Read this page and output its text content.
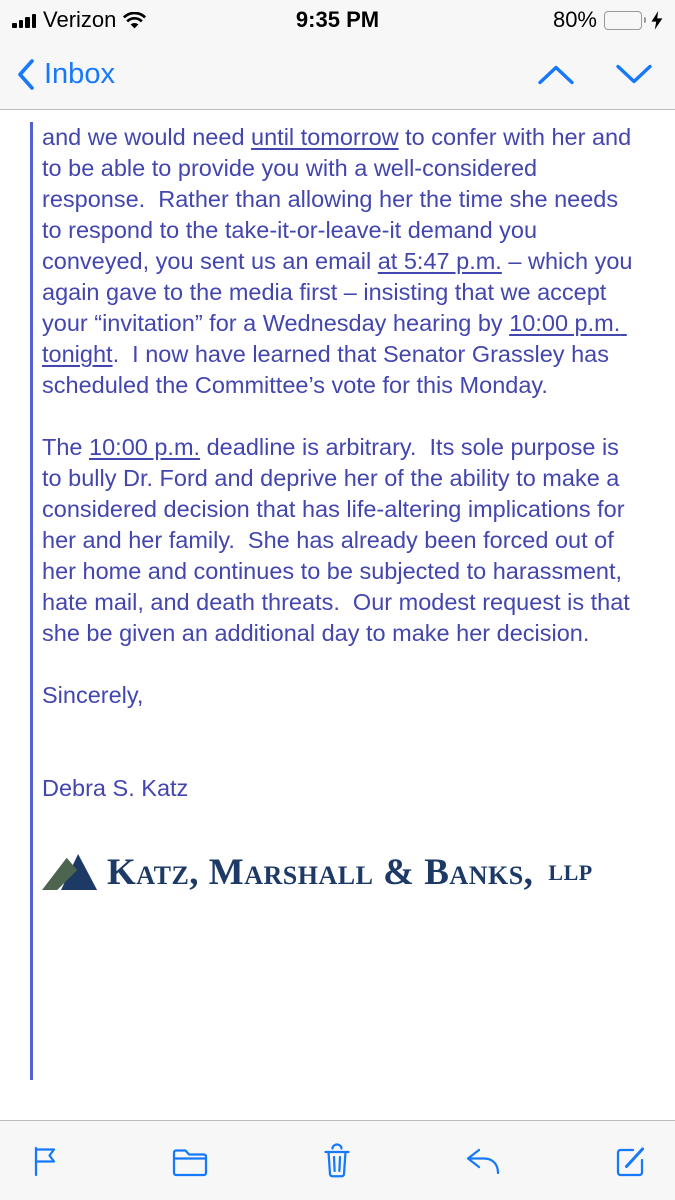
Verizon	9:35 PM	80%
Inbox
and we would need until tomorrow to confer with her and to be able to provide you with a well-considered response.  Rather than allowing her the time she needs to respond to the take-it-or-leave-it demand you conveyed, you sent us an email at 5:47 p.m. – which you again gave to the media first – insisting that we accept your “invitation” for a Wednesday hearing by 10:00 p.m. tonight.  I now have learned that Senator Grassley has scheduled the Committee’s vote for this Monday.
The 10:00 p.m. deadline is arbitrary.  Its sole purpose is to bully Dr. Ford and deprive her of the ability to make a considered decision that has life-altering implications for her and her family.  She has already been forced out of her home and continues to be subjected to harassment, hate mail, and death threats.  Our modest request is that she be given an additional day to make her decision.
Sincerely,
Debra S. Katz
Katz, Marshall & Banks, LLP
